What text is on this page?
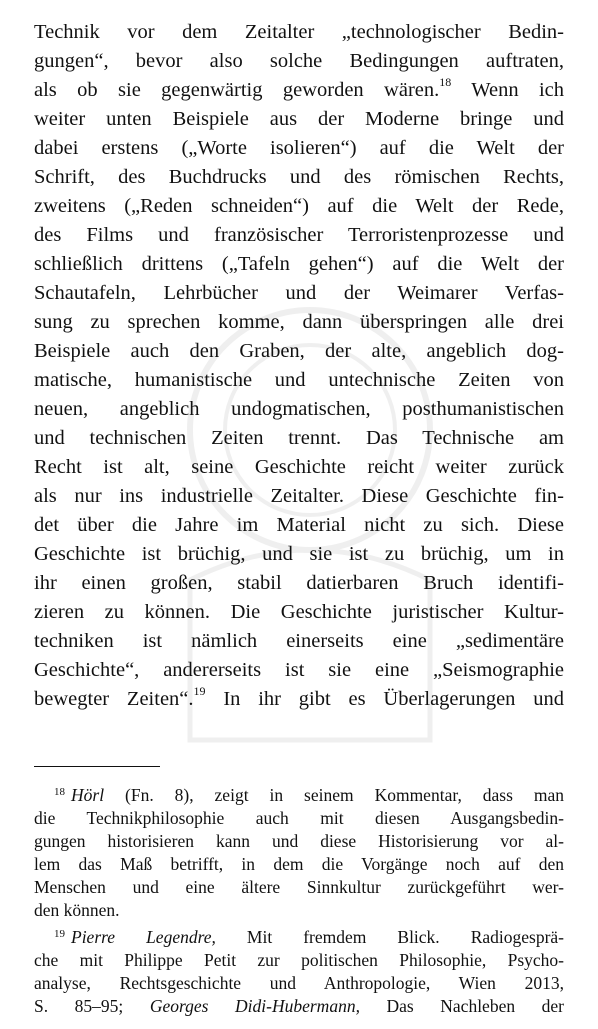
Technik vor dem Zeitalter „technologischer Bedin-
gungen“, bevor also solche Bedingungen auftraten,
als ob sie gegenwärtig geworden wären.$^{18}$ Wenn ich
weiter unten Beispiele aus der Moderne bringe und
dabei erstens („Worte isolieren“) auf die Welt der
Schrift, des Buchdrucks und des römischen Rechts,
zweitens („Reden schneiden“) auf die Welt der Rede,
des Films und französischer Terroristenprozesse und
schließlich drittens („Tafeln gehen“) auf die Welt der
Schautafeln, Lehrbücher und der Weimarer Verfas-
sung zu sprechen komme, dann überspringen alle drei
Beispiele auch den Graben, der alte, angeblich dog-
matische, humanistische und untechnische Zeiten von
neuen, angeblich undogmatischen, posthumanistischen
und technischen Zeiten trennt. Das Technische am
Recht ist alt, seine Geschichte reicht weiter zurück
als nur ins industrielle Zeitalter. Diese Geschichte fin-
det über die Jahre im Material nicht zu sich. Diese
Geschichte ist brüchig, und sie ist zu brüchig, um in
ihr einen großen, stabil datierbaren Bruch identifi-
zieren zu können. Die Geschichte juristischer Kultur-
techniken ist nämlich einerseits eine „sedimentäre
Geschichte“, andererseits ist sie eine „Seismographie
bewegter Zeiten“.$^{19}$ In ihr gibt es Überlagerungen und
$^{18}$ Hörl (Fn. 8), zeigt in seinem Kommentar, dass man
die Technikphilosophie auch mit diesen Ausgangsbedin-
gungen historisieren kann und diese Historisierung vor al-
lem das Maß betrifft, in dem die Vorgänge noch auf den
Menschen und eine ältere Sinnkultur zurückgeführt wer-
den können.
$^{19}$ Pierre Legendre, Mit fremdem Blick. Radiogesprä-
che mit Philippe Petit zur politischen Philosophie, Psycho-
analyse, Rechtsgeschichte und Anthropologie, Wien 2013,
S. 85–95; Georges Didi-Hubermann, Das Nachleben der
